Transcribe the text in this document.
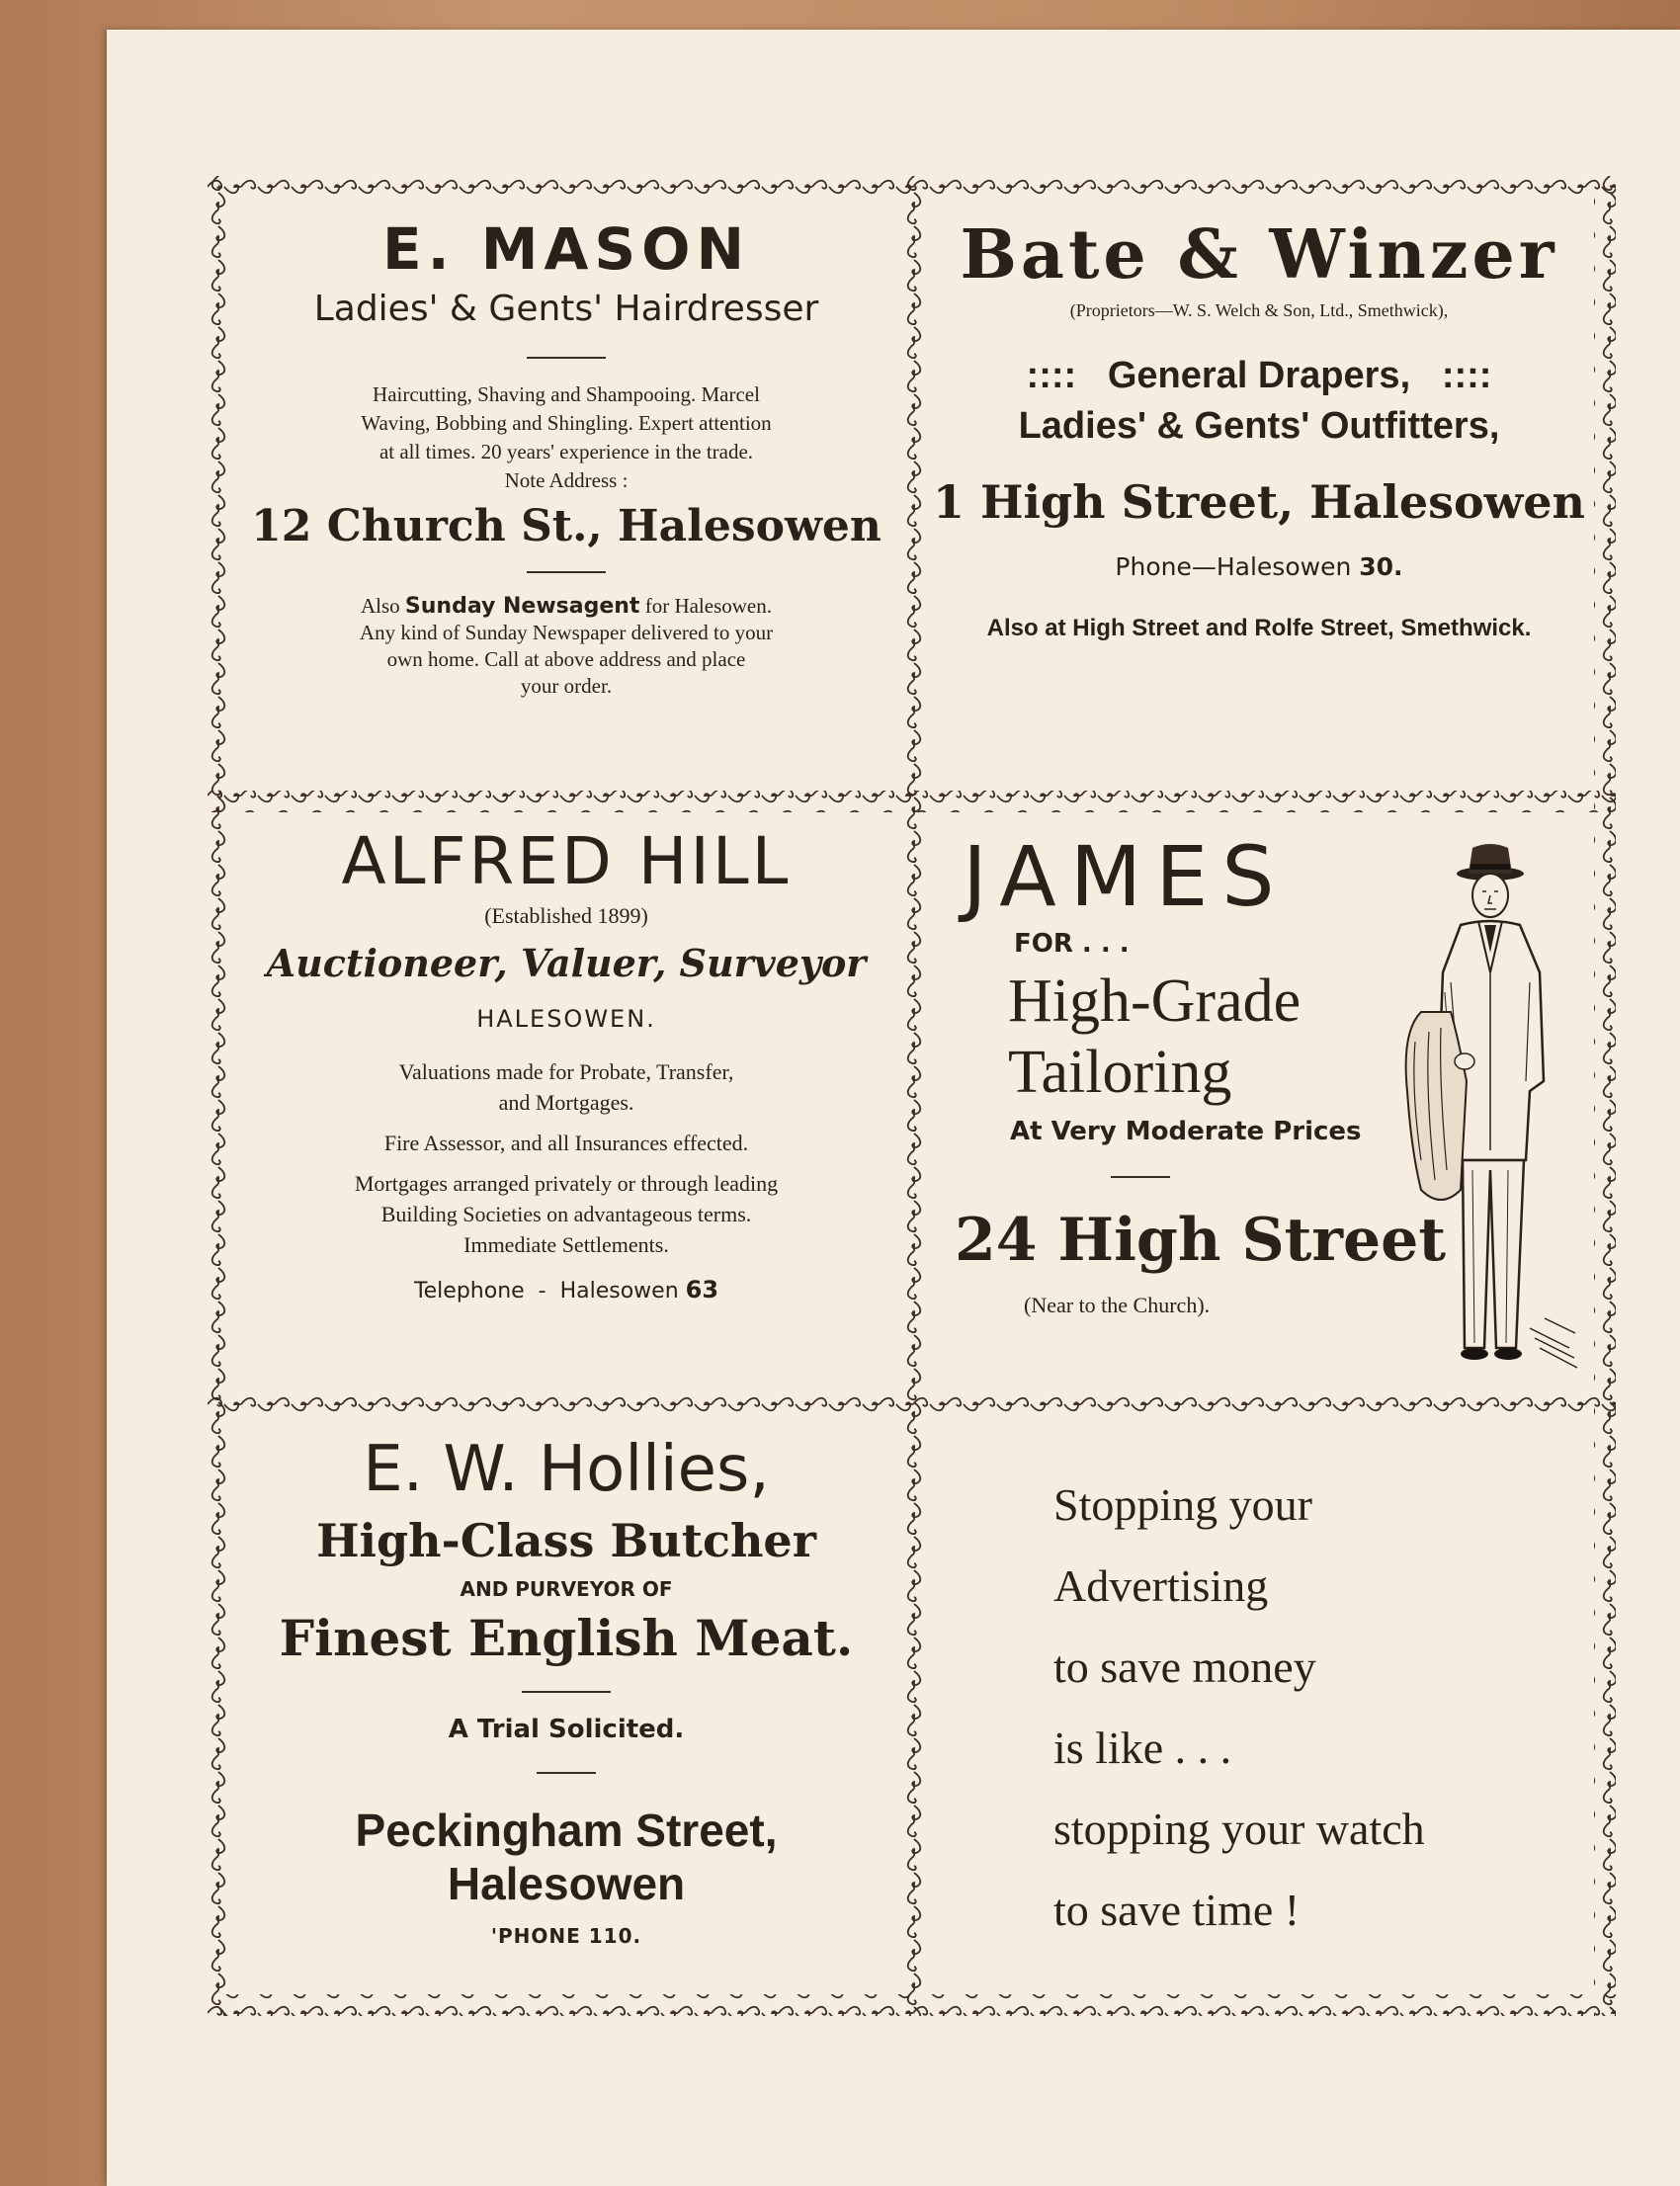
E. MASON
Ladies' & Gents' Hairdresser

Haircutting, Shaving and Shampooing. Marcel

Waving, Bobbing and Shingling. Expert attention

at all times. 20 years' experience in the trade.

Note Address :

12 Church St., Halesowen

Also Sunday Newsagent for Halesowen.

Any kind of Sunday Newspaper delivered to your

own home. Call at above address and place

your order.

Bate & Winzer
(Proprietors—W. S. Welch & Son, Ltd., Smethwick),
:::: General Drapers, ::::
Ladies' & Gents' Outfitters,
1 High Street, Halesowen
Phone—Halesowen 30.
Also at High Street and Rolfe Street, Smethwick.
ALFRED HILL
(Established 1899)
Auctioneer, Valuer, Surveyor
HALESOWEN.

Valuations made for Probate, Transfer,

and Mortgages.

Fire Assessor, and all Insurances effected.

Mortgages arranged privately or through leading

Building Societies on advantageous terms.

Immediate Settlements.

Telephone  -  Halesowen 63
JAMES
FOR . . .
High-Grade
Tailoring
At Very Moderate Prices
24 High Street
(Near to the Church).
E. W. Hollies,
High-Class Butcher
AND PURVEYOR OF
Finest English Meat.
A Trial Solicited.
Peckingham Street, Halesowen
'PHONE 110.

Stopping your

Advertising

to save money

is like . . .

stopping your watch

to save time !
